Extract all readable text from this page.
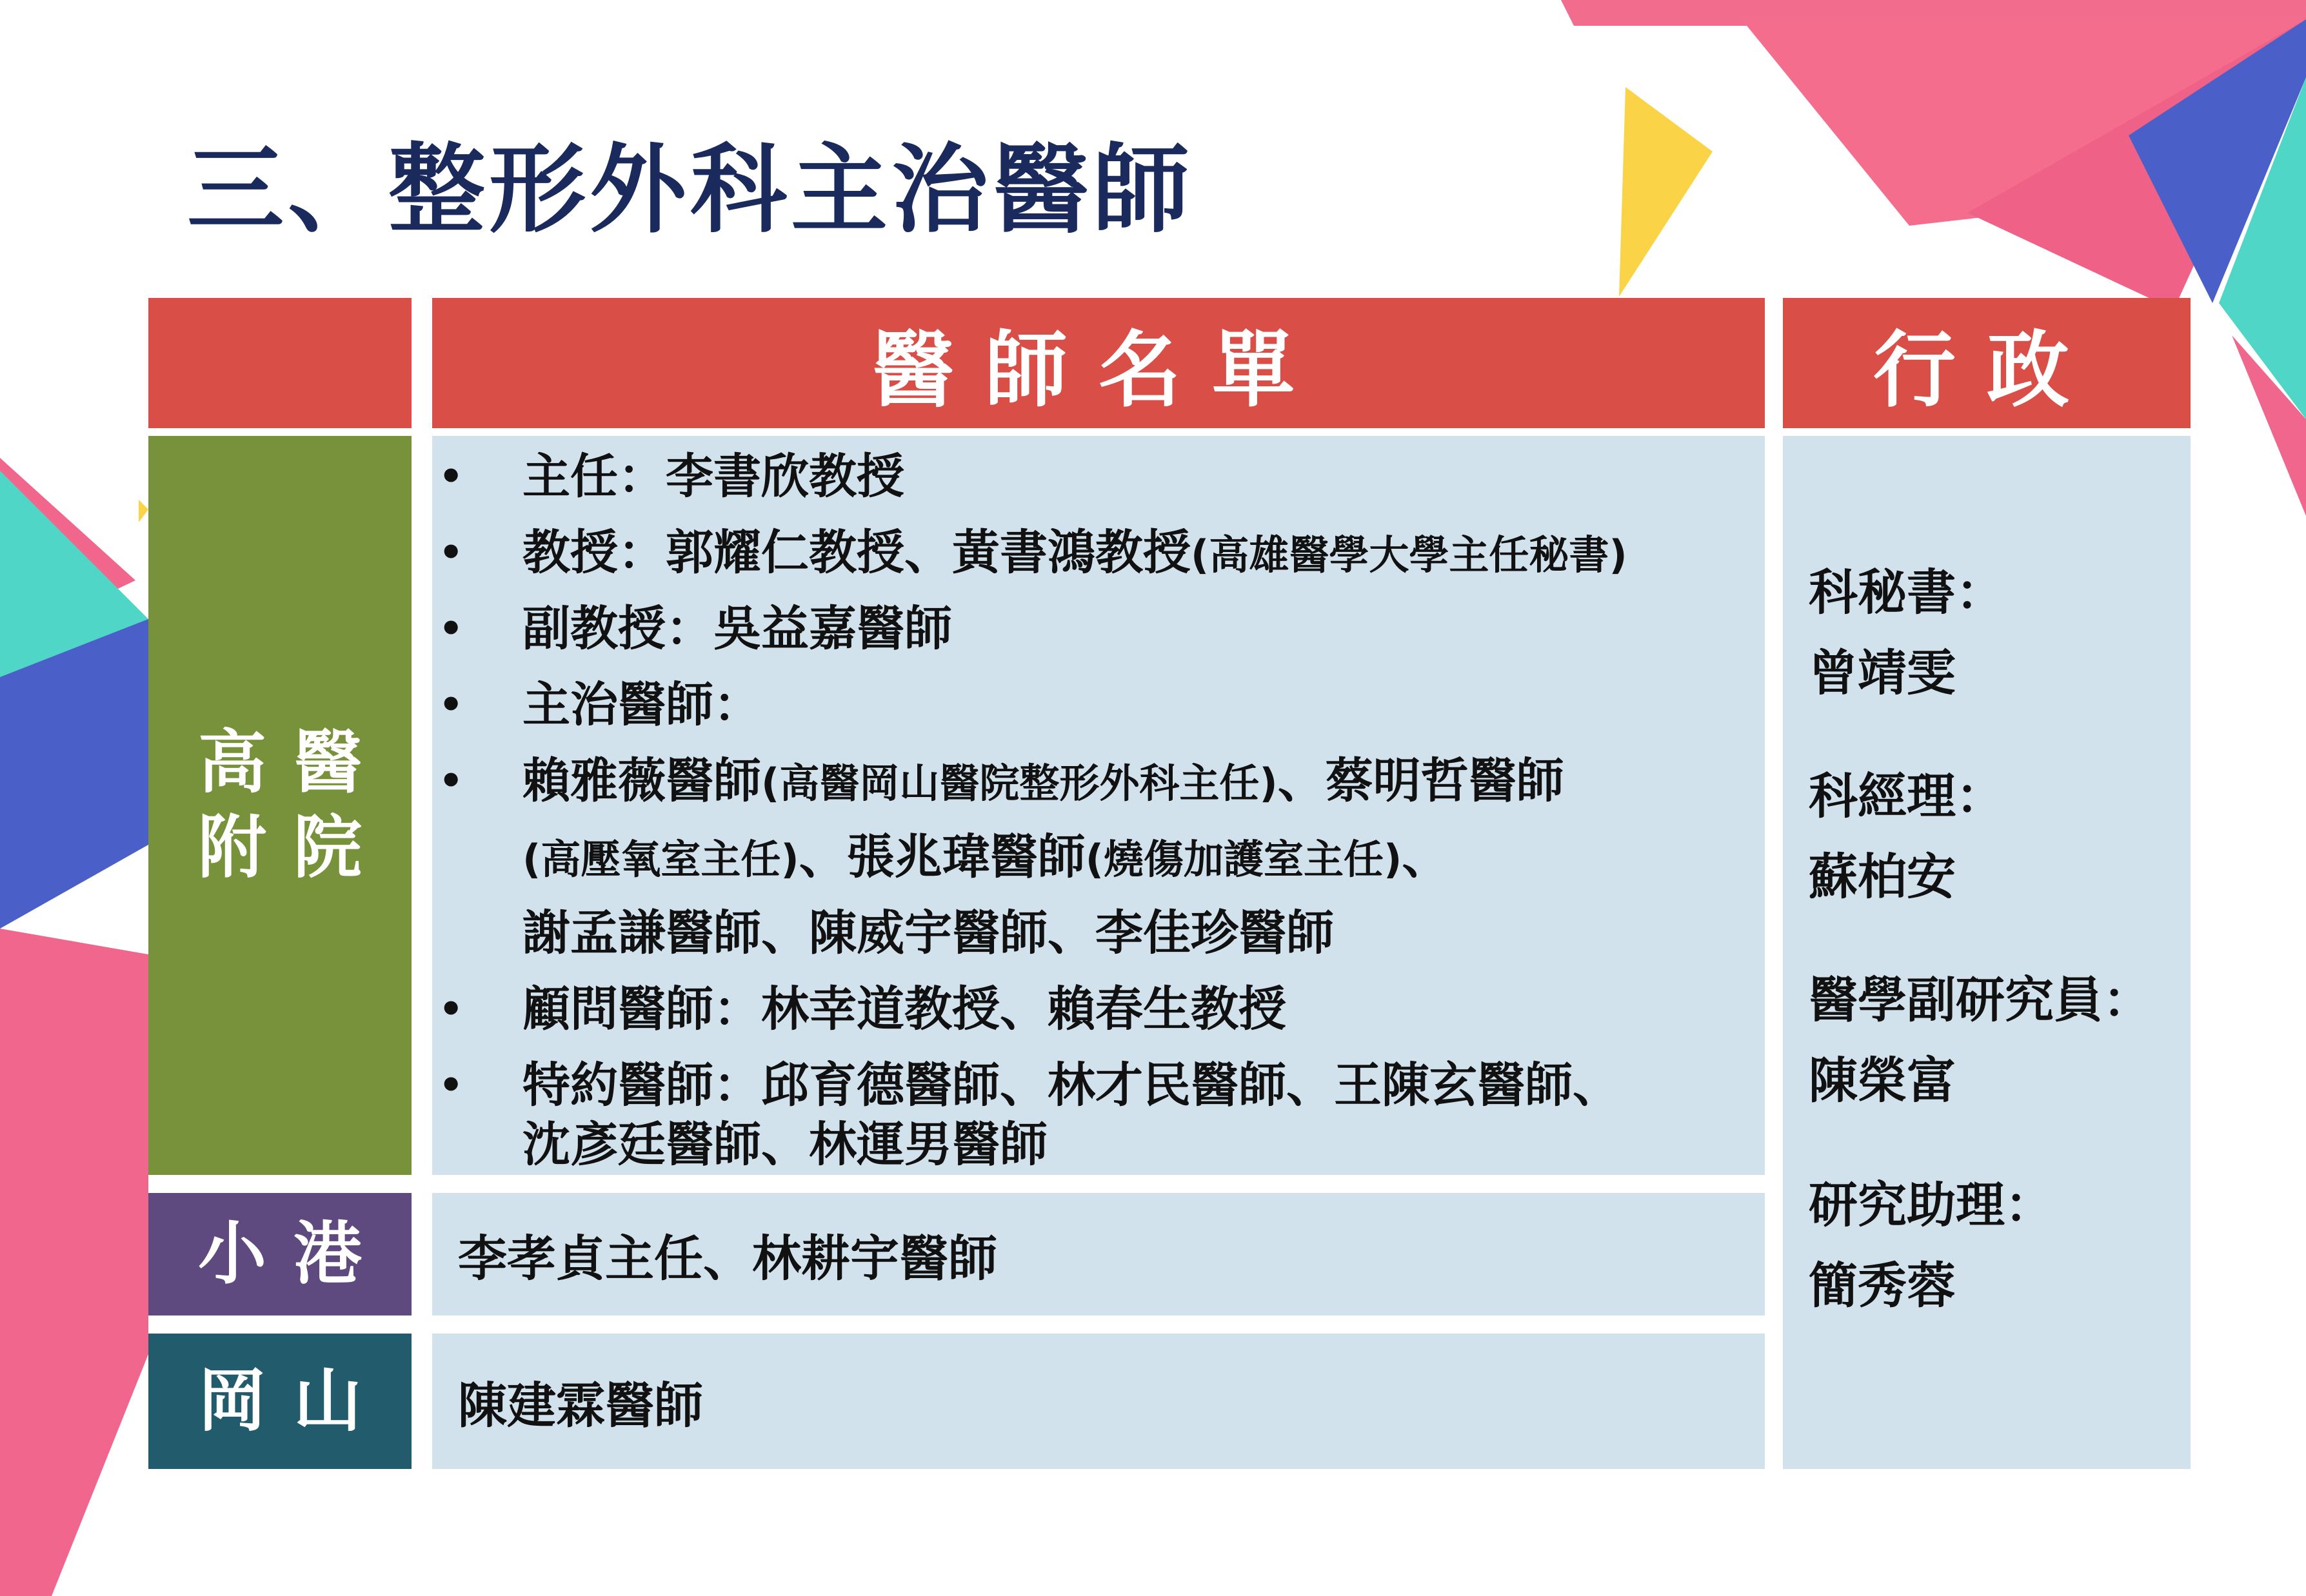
三、整形外科主治醫師
醫師名單	行政
高醫
附院
小港
岡山
• 主任：李書欣教授
• 教授：郭耀仁教授、黃書鴻教授(高雄醫學大學主任秘書)
• 副教授：吳益嘉醫師
• 主治醫師：
• 賴雅薇醫師(高醫岡山醫院整形外科主任)、蔡明哲醫師
(高壓氧室主任)、張兆瑋醫師(燒傷加護室主任)、
謝孟謙醫師、陳威宇醫師、李佳珍醫師
• 顧問醫師：林幸道教授、賴春生教授
• 特約醫師：邱育德醫師、林才民醫師、王陳玄醫師、
沈彥廷醫師、林運男醫師
李孝貞主任、林耕宇醫師
陳建霖醫師
科秘書：
曾靖雯
科經理：
蘇柏安
醫學副研究員：
陳榮富
研究助理：
簡秀蓉
